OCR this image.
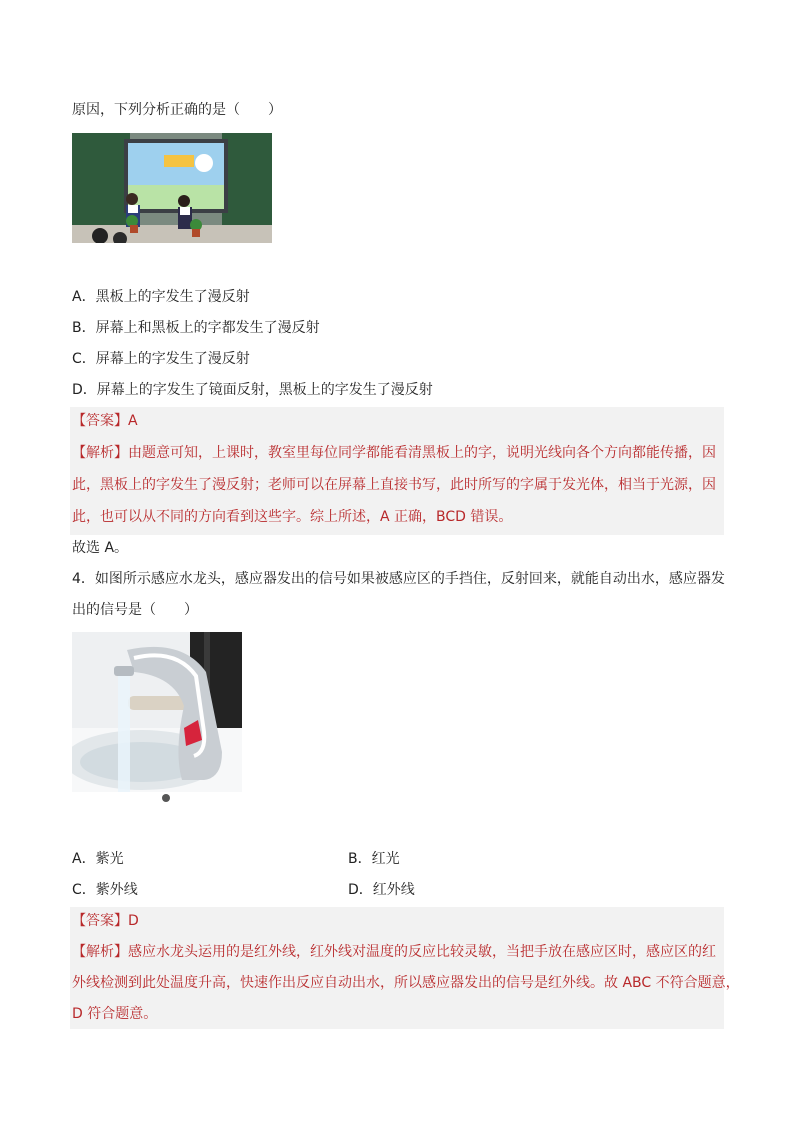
原因，下列分析正确的是（　　）
A．黑板上的字发生了漫反射
B．屏幕上和黑板上的字都发生了漫反射
C．屏幕上的字发生了漫反射
D．屏幕上的字发生了镜面反射，黑板上的字发生了漫反射
【答案】A
【解析】由题意可知，上课时，教室里每位同学都能看清黑板上的字，说明光线向各个方向都能传播，因
此，黑板上的字发生了漫反射；老师可以在屏幕上直接书写，此时所写的字属于发光体，相当于光源，因
此，也可以从不同的方向看到这些字。综上所述，A 正确，BCD 错误。
故选 A。
4．如图所示感应水龙头，感应器发出的信号如果被感应区的手挡住，反射回来，就能自动出水，感应器发
出的信号是（　　）
A．紫光	B．红光
C．紫外线	D．红外线
【答案】D
【解析】感应水龙头运用的是红外线，红外线对温度的反应比较灵敏，当把手放在感应区时，感应区的红
外线检测到此处温度升高，快速作出反应自动出水，所以感应器发出的信号是红外线。故 ABC 不符合题意，
D 符合题意。
